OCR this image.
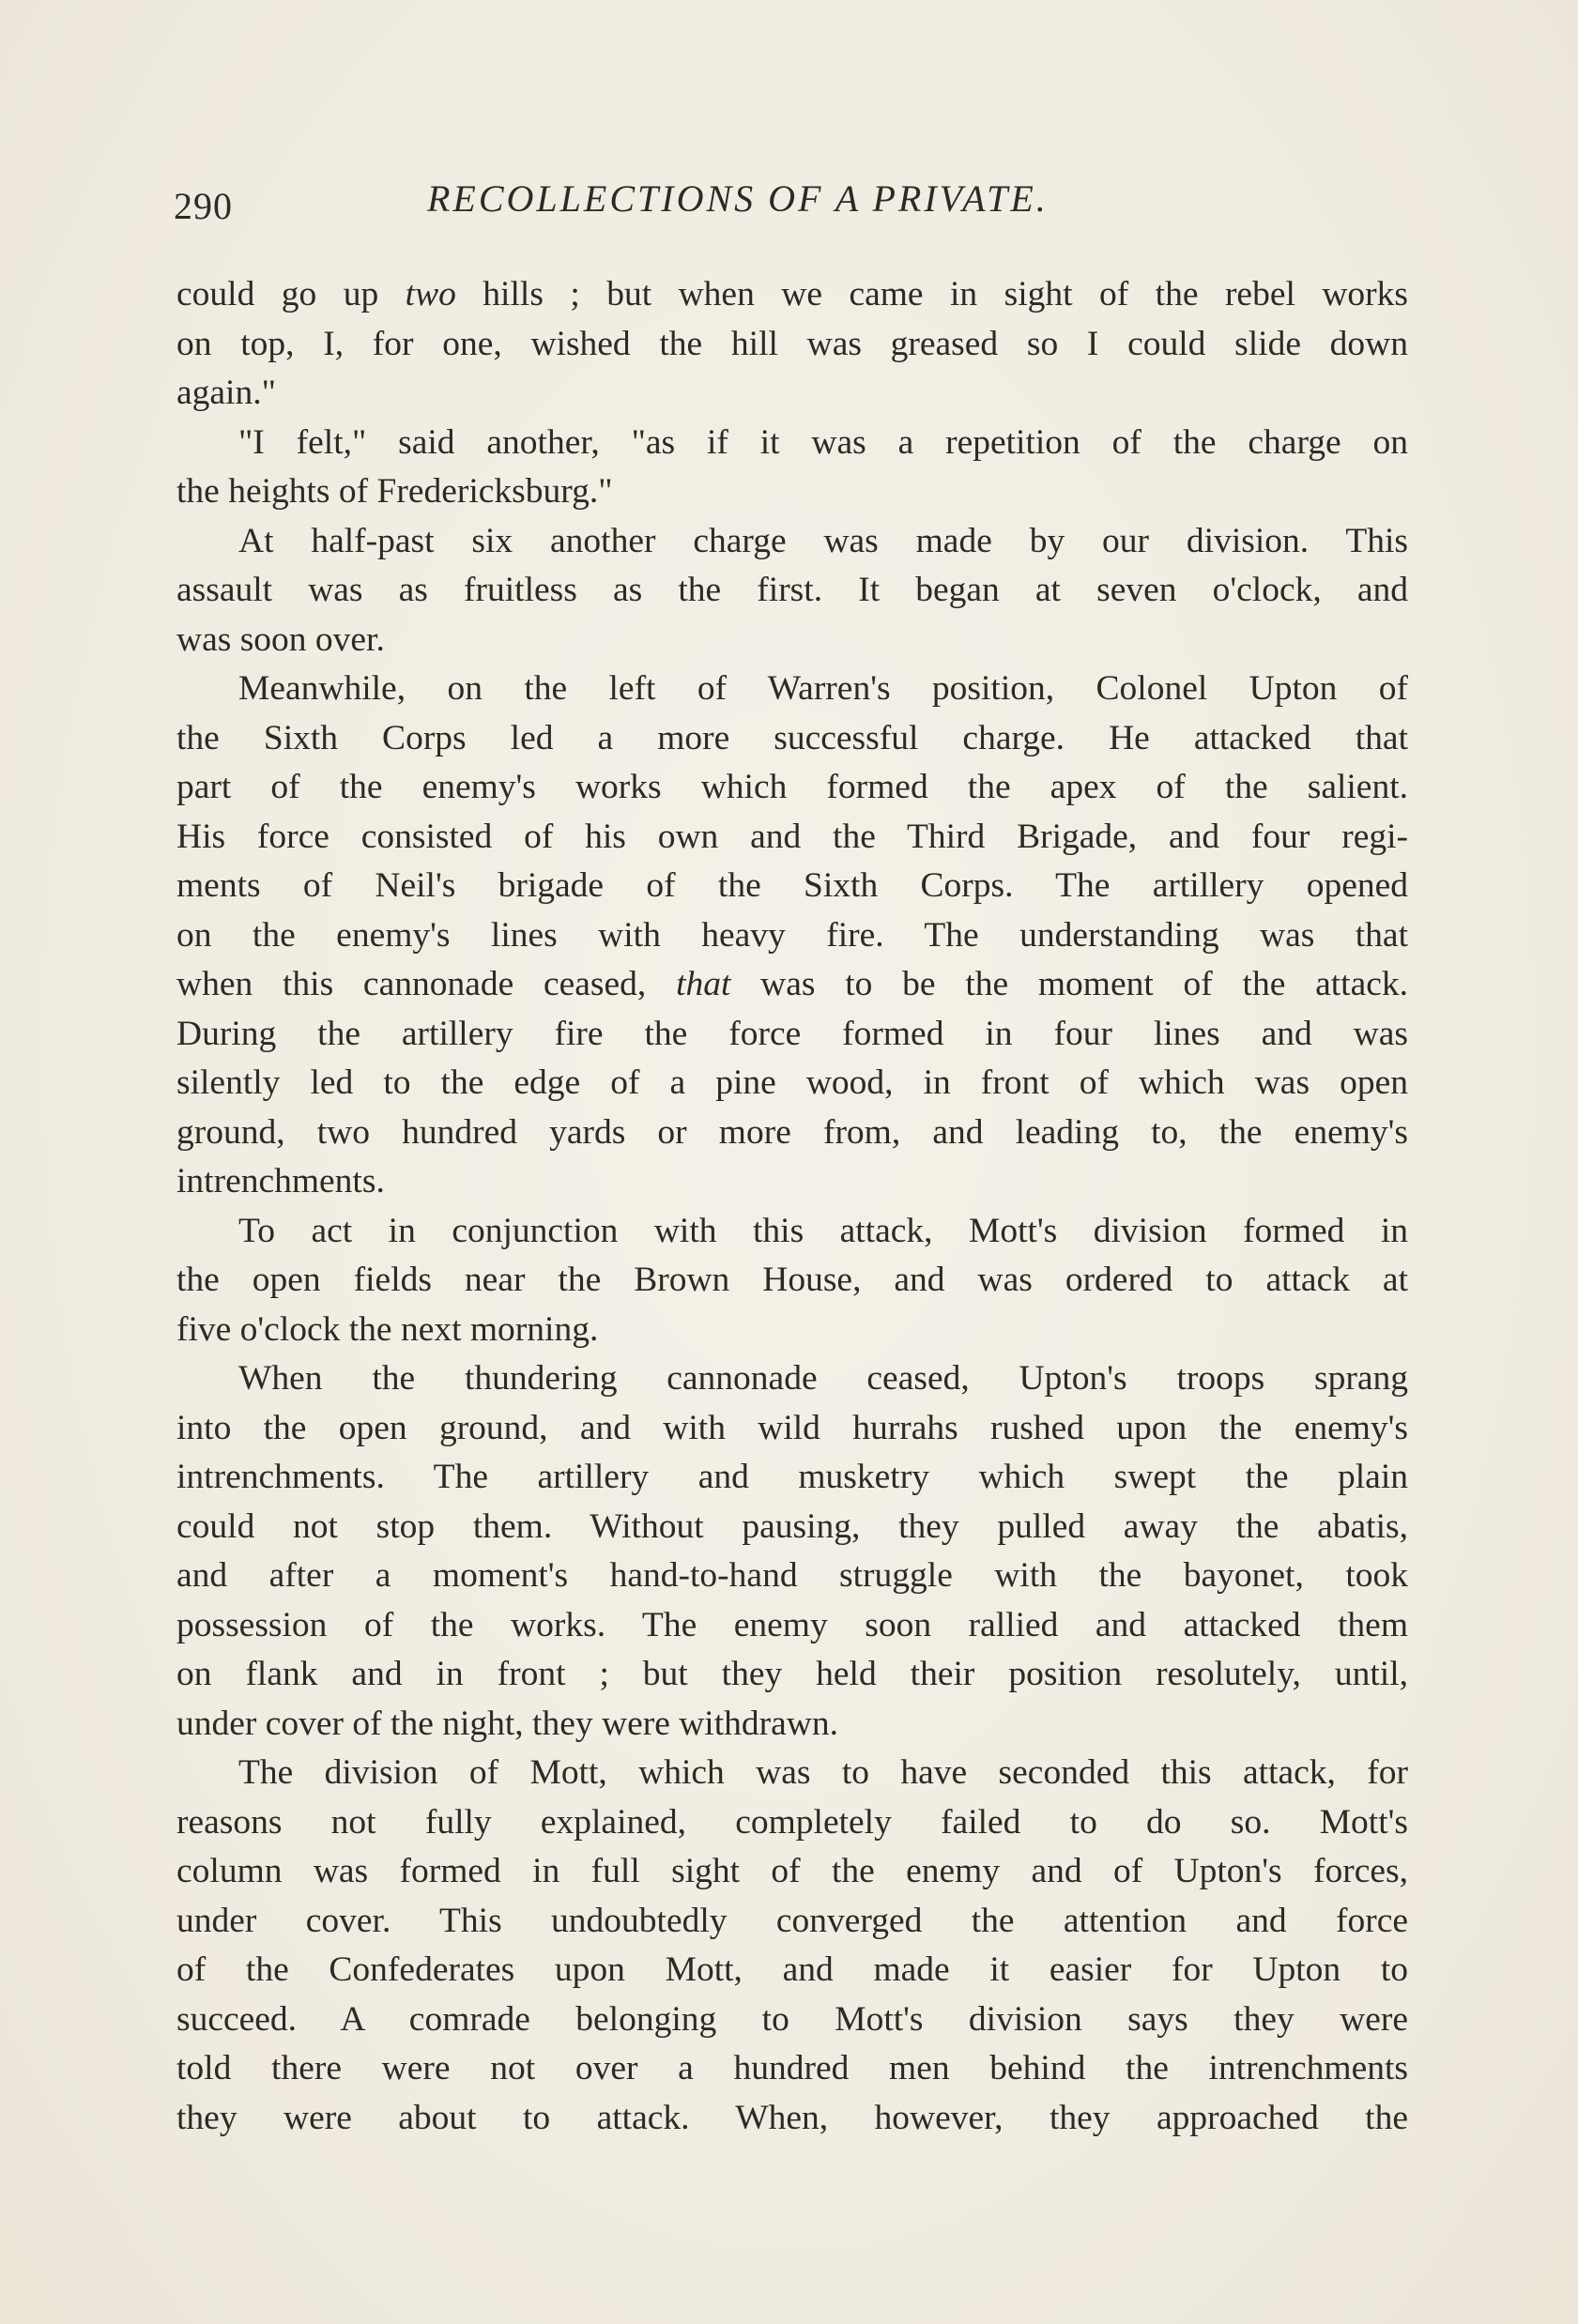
290	RECOLLECTIONS OF A PRIVATE.
could go up two hills ; but when we came in sight of the rebel works
on top, I, for one, wished the hill was greased so I could slide down
again."
"I felt," said another, "as if it was a repetition of the charge on
the heights of Fredericksburg."
At half-past six another charge was made by our division. This
assault was as fruitless as the first. It began at seven o'clock, and
was soon over.
Meanwhile, on the left of Warren's position, Colonel Upton of
the Sixth Corps led a more successful charge. He attacked that
part of the enemy's works which formed the apex of the salient.
His force consisted of his own and the Third Brigade, and four regi-
ments of Neil's brigade of the Sixth Corps. The artillery opened
on the enemy's lines with heavy fire. The understanding was that
when this cannonade ceased, that was to be the moment of the attack.
During the artillery fire the force formed in four lines and was
silently led to the edge of a pine wood, in front of which was open
ground, two hundred yards or more from, and leading to, the enemy's
intrenchments.
To act in conjunction with this attack, Mott's division formed in
the open fields near the Brown House, and was ordered to attack at
five o'clock the next morning.
When the thundering cannonade ceased, Upton's troops sprang
into the open ground, and with wild hurrahs rushed upon the enemy's
intrenchments. The artillery and musketry which swept the plain
could not stop them. Without pausing, they pulled away the abatis,
and after a moment's hand-to-hand struggle with the bayonet, took
possession of the works. The enemy soon rallied and attacked them
on flank and in front ; but they held their position resolutely, until,
under cover of the night, they were withdrawn.
The division of Mott, which was to have seconded this attack, for
reasons not fully explained, completely failed to do so. Mott's
column was formed in full sight of the enemy and of Upton's forces,
under cover. This undoubtedly converged the attention and force
of the Confederates upon Mott, and made it easier for Upton to
succeed. A comrade belonging to Mott's division says they were
told there were not over a hundred men behind the intrenchments
they were about to attack. When, however, they approached the
